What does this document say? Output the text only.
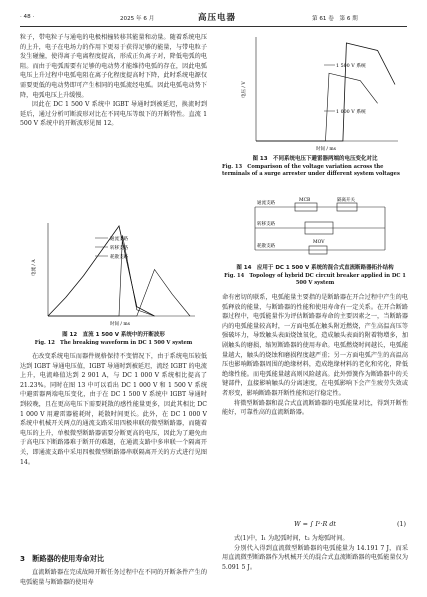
· 48 ·	2025 年 6 月	高压电器	第 61 卷　第 6 期

粒子，带电粒子与通电的电极相撞转移其能量和动量。随着系统电压的上升，电子在电场力的作用下更易于获得足够的能量，与带电粒子发生碰撞，使得离子电离程度提高，形成正负离子对，降低电弧的电阻。而由于电弧需要有足够的电动势才能维持电弧的存在，因此电弧电压上升过程中电弧电阻在离子化程度提高时下降，此时系统电源仅需要更低的电动势即可产生相同的电弧流经电弧。因此电弧电动势下降，电弧电压上升缓慢。

因此在 DC 1 500 V 系统中 IGBT 导通时到被延迟，换流时到延后，通过分析可断波形对比在不同电压等级下的开断特性。直流 1 500 V 系统中的开断波形见图 12。

电流 / A
时间 / ms
通流支路
转移支路
耗散支路
图 12　直流 1 500 V 系统中的开断波形
Fig. 12　The breaking waveform in DC 1 500 V system

在改变系统电压而器件规格保持不变情况下，由于系统电压较低达到 IGBT 导通电压值，IGBT 导通时到被延迟，流经 IGBT 的电流上升，电流峰值达到 2 901 A，与 DC 1 000 V 系统相比提高了 21.23%。同时在图 13 中可以看出 DC 1 000 V 和 1 500 V 系统中避雷器两端电压变化，由于在 DC 1 500 V 系统中 IGBT 导通时到较晚，且在更高电压下需要耗散的感性能量更多，因此其相比 DC 1 000 V 用避雷器能耗时，耗散时间更长。此外，在 DC 1 000 V 系统中机械开关两点的通流支路采用四极串联的微型断路器，而随着电压的上升，单极微型断路器需要分断更高的电压，因此为了避免由于高电压下断路器难于断开的难题，在通流支路中多串联一个隔离开关，即通流支路中采用四极微型断路器串联隔离开关的方式进行见图 14。

3　断路器的使用寿命对比

直流断路器在完成故障开断任务过程中在不同的开断条件产生的电弧能量与断路器的使用寿

电压 / V
时间 / ms
1 500 V 系统
1 000 V 系统
图 13　不同系统电压下避雷器两端的电压变化对比
Fig. 13　Comparison of the voltage variation across the terminals of a surge arrester under different system voltages
MCB	隔离开关
通流支路
转移支路
MOV
耗散支路
图 14　应用于 DC 1 500 V 系统的混合式直流断路器拓扑结构
Fig. 14　Topology of hybrid DC circuit breaker applied in DC 1 500 V system

命有密切的联系，电弧能量主要指的是断路器在开合过程中产生的电弧释放的能量，与断路器的性能和使用寿命有一定关系。在开合断路器过程中，电弧能量作为评估断路器寿命的主要因素之一，当断路器内的电弧能量较高时，一方面电弧在触头附近燃烧，产生高温高压等强破坏力，导致触头表面烧蚀氧化，造成触头表面的附着物增多，加剧触头的磨损，缩短断路器的使用寿命。电弧燃烧时间越长，电弧能量越大，触头的烧蚀和磨损程度越严重；另一方面电弧产生的高温高压也影响断路器周围的绝缘材料，造成绝缘材料的老化和劣化，降低绝缘性能。而电弧能量越高则风险越高。此外弹簧作为断路器中的关键部件，直接影响触头的分离速度，在电弧影响下会产生疲劳失效或者形变，影响断路器开断性能和运行稳定性。

将微型断路器和混合式直流断路器的电弧能量对比，得到开断性能好，可靠性高的直流断路器。

W = ∫ I²·R dt	(1)

式(1)中，I₁ 为起弧时间，t₂ 为熄弧时间。

分别代入得到直流微型断路器的电弧能量为 14.191 7 J，而采用直流微型断路器作为机械开关的混合式直流断路器的电弧能量仅为 5.091 5 J。
